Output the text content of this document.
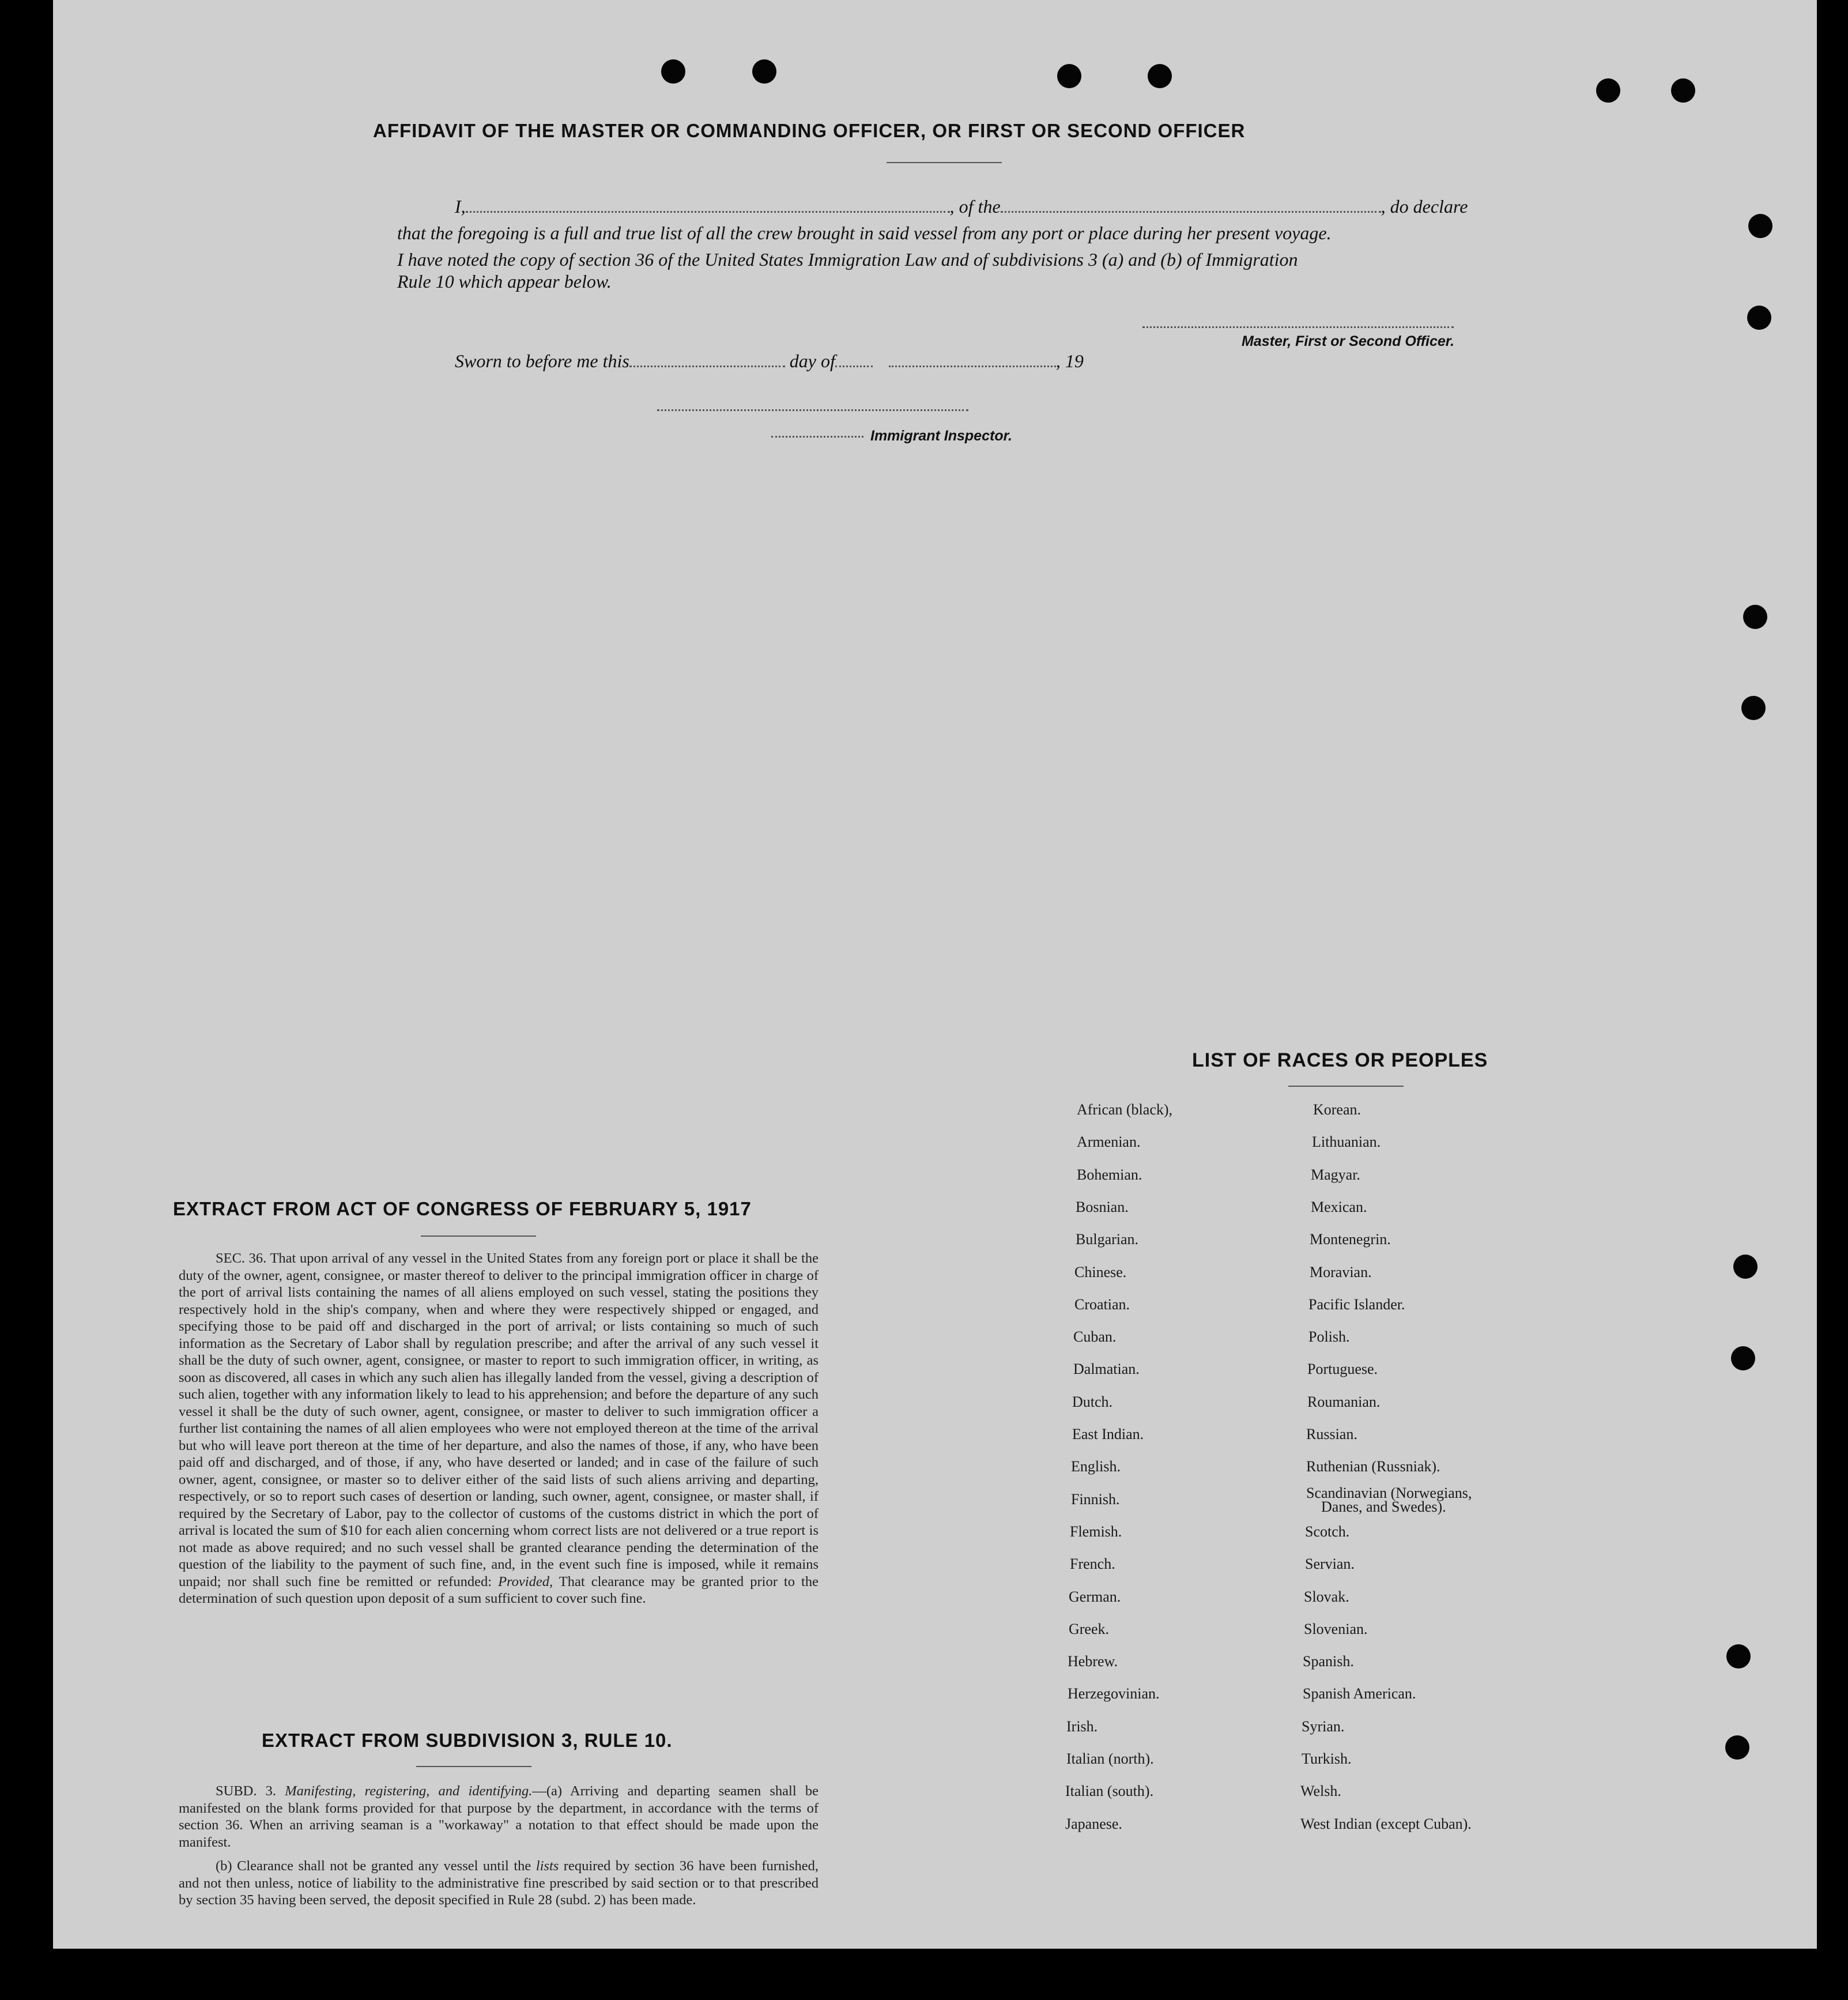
AFFIDAVIT OF THE MASTER OR COMMANDING OFFICER, OR FIRST OR SECOND OFFICER
I,	, of the	, do declare
that the foregoing is a full and true list of all the crew brought in said vessel from any port or place during her present voyage.
I have noted the copy of section 36 of the United States Immigration Law and of subdivisions 3 (a) and (b) of Immigration
Rule 10 which appear below.
Master, First or Second Officer.
Sworn to before me this	day of	, 19
Immigrant Inspector.
EXTRACT FROM ACT OF CONGRESS OF FEBRUARY 5, 1917
SEC. 36. That upon arrival of any vessel in the United States from any foreign port or place it shall be the duty of the owner, agent, consignee, or master thereof to deliver to the principal immigration officer in charge of the port of arrival lists containing the names of all aliens employed on such vessel, stating the positions they respectively hold in the ship's company, when and where they were respectively shipped or engaged, and specifying those to be paid off and discharged in the port of arrival; or lists containing so much of such information as the Secretary of Labor shall by regulation prescribe; and after the arrival of any such vessel it shall be the duty of such owner, agent, consignee, or master to report to such immigration officer, in writing, as soon as discovered, all cases in which any such alien has illegally landed from the vessel, giving a description of such alien, together with any information likely to lead to his apprehension; and before the departure of any such vessel it shall be the duty of such owner, agent, consignee, or master to deliver to such immigration officer a further list containing the names of all alien employees who were not employed thereon at the time of the arrival but who will leave port thereon at the time of her departure, and also the names of those, if any, who have been paid off and discharged, and of those, if any, who have deserted or landed; and in case of the failure of such owner, agent, consignee, or master so to deliver either of the said lists of such aliens arriving and departing, respectively, or so to report such cases of desertion or landing, such owner, agent, consignee, or master shall, if required by the Secretary of Labor, pay to the collector of customs of the customs district in which the port of arrival is located the sum of $10 for each alien concerning whom correct lists are not delivered or a true report is not made as above required; and no such vessel shall be granted clearance pending the determination of the question of the liability to the payment of such fine, and, in the event such fine is imposed, while it remains unpaid; nor shall such fine be remitted or refunded: Provided, That clearance may be granted prior to the determination of such question upon deposit of a sum sufficient to cover such fine.
EXTRACT FROM SUBDIVISION 3, RULE 10.
SUBD. 3. Manifesting, registering, and identifying.—(a) Arriving and departing seamen shall be manifested on the blank forms provided for that purpose by the department, in accordance with the terms of section 36. When an arriving seaman is a "workaway" a notation to that effect should be made upon the manifest.
(b) Clearance shall not be granted any vessel until the lists required by section 36 have been furnished, and not then unless, notice of liability to the administrative fine prescribed by said section or to that prescribed by section 35 having been served, the deposit specified in Rule 28 (subd. 2) has been made.
LIST OF RACES OR PEOPLES
African (black),
Armenian.
Bohemian.
Bosnian.
Bulgarian.
Chinese.
Croatian.
Cuban.
Dalmatian.
Dutch.
East Indian.
English.
Finnish.
Flemish.
French.
German.
Greek.
Hebrew.
Herzegovinian.
Irish.
Italian (north).
Italian (south).
Japanese.
Korean.
Lithuanian.
Magyar.
Mexican.
Montenegrin.
Moravian.
Pacific Islander.
Polish.
Portuguese.
Roumanian.
Russian.
Ruthenian (Russniak).
Scandinavian (Norwegians,
Danes, and Swedes).
Scotch.
Servian.
Slovak.
Slovenian.
Spanish.
Spanish American.
Syrian.
Turkish.
Welsh.
West Indian (except Cuban).
